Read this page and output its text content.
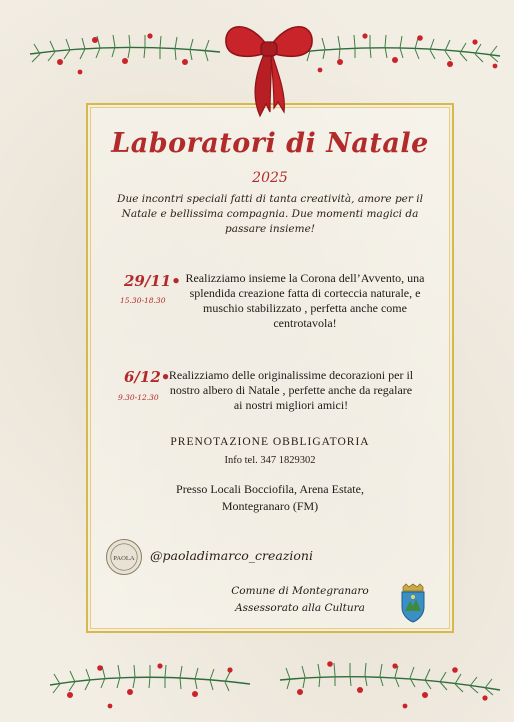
Laboratori di Natale
2025
Due incontri speciali fatti di tanta creatività, amore per il Natale e bellissima compagnia. Due momenti magici da passare insieme!
29/11•
15.30-18.30
Realizziamo insieme la Corona dell’Avvento, una splendida creazione fatta di corteccia naturale, e muschio stabilizzato , perfetta anche come centrotavola!
6/12•
9.30-12.30
Realizziamo delle originalissime decorazioni per il nostro albero di Natale , perfette anche da regalare ai nostri migliori amici!
PRENOTAZIONE OBBLIGATORIA
Info tel. 347 1829302
Presso Locali Bocciofila, Arena Estate,
Montegranaro (FM)
PAOLA @paoladimarco_creazioni
Comune di Montegranaro
Assessorato alla Cultura
